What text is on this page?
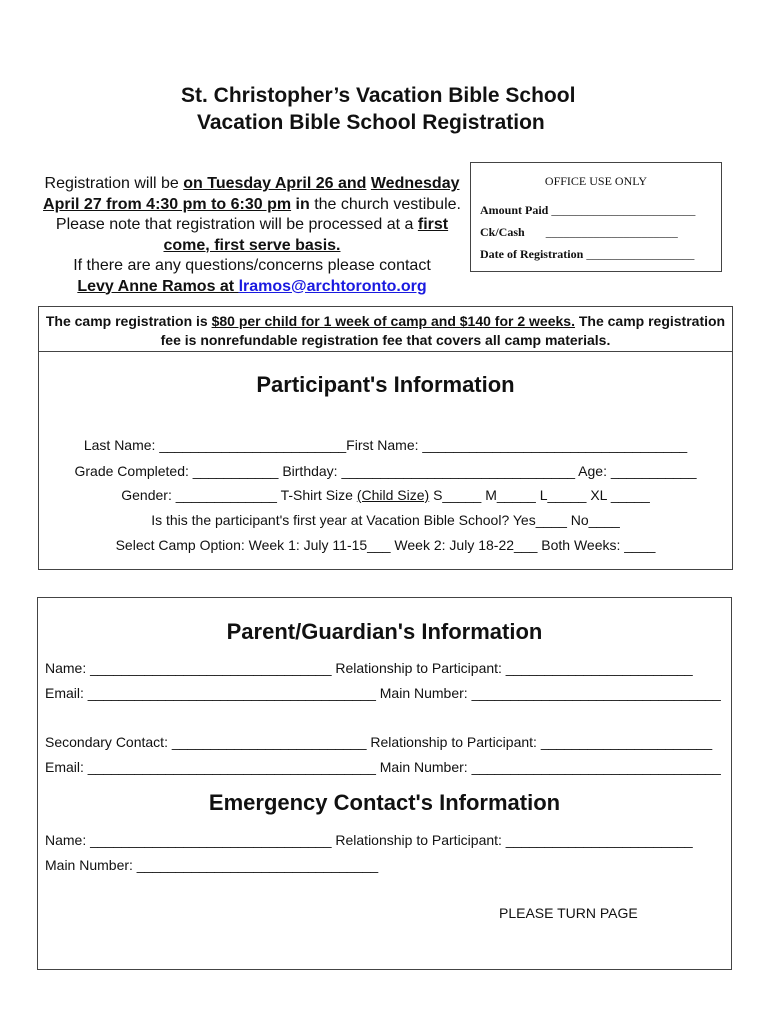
St. Christopher’s Vacation Bible School
Vacation Bible School Registration
Registration will be on Tuesday April 26 and Wednesday April 27 from 4:30 pm to 6:30 pm in the church vestibule. Please note that registration will be processed at a first come, first serve basis.
If there are any questions/concerns please contact
Levy Anne Ramos at lramos@archtoronto.org
OFFICE USE ONLY
Amount Paid ________________________
Ck/Cash ______________________
Date of Registration __________________
The camp registration is $80 per child for 1 week of camp and $140 for 2 weeks. The camp registration fee is nonrefundable registration fee that covers all camp materials.
Participant's Information
Last Name: ________________________First Name: __________________________________
Grade Completed: ___________ Birthday: ______________________________ Age: ___________
Gender: _____________ T-Shirt Size (Child Size) S_____ M_____ L_____ XL _____
Is this the participant's first year at Vacation Bible School? Yes____ No____
Select Camp Option: Week 1: July 11-15___ Week 2: July 18-22___ Both Weeks: ____
Parent/Guardian's Information
Name: _______________________________ Relationship to Participant: ________________________
Email: _____________________________________ Main Number: ________________________________
Secondary Contact: _________________________ Relationship to Participant: ______________________
Email: _____________________________________ Main Number: ________________________________
Emergency Contact's Information
Name: _______________________________ Relationship to Participant: ________________________
Main Number: _______________________________
PLEASE TURN PAGE
